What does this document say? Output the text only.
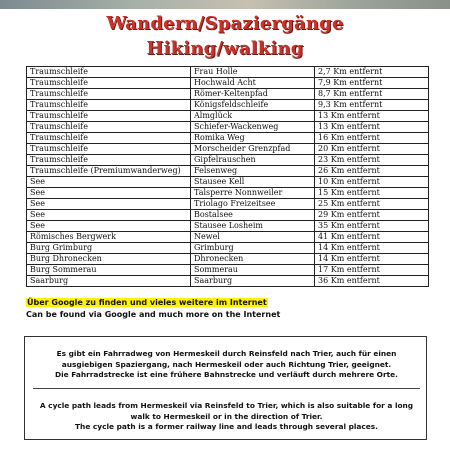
Wandern/Spaziergänge
Hiking/walking
Traumschleife	Frau Holle	2,7 Km entfernt
Traumschleife	Hochwald Acht	7,9 Km entfernt
Traumschleife	Römer-Keltenpfad	8,7 Km entfernt
Traumschleife	Königsfeldschleife	9,3 Km entfernt
Traumschleife	Almglück	13 Km entfernt
Traumschleife	Schiefer-Wackenweg	13 Km entfernt
Traumschleife	Romika Weg	16 Km entfernt
Traumschleife	Morscheider Grenzpfad	20 Km entfernt
Traumschleife	Gipfelrauschen	23 Km entfernt
Traumschleife (Premiumwanderweg)	Felsenweg	26 Km entfernt
See	Stausee Kell	10 Km entfernt
See	Talsperre Nonnweiler	15 Km entfernt
See	Triolago Freizeitsee	25 Km entfernt
See	Bostalsee	29 Km entfernt
See	Stausee Losheim	35 Km entfernt
Römisches Bergwerk	Newel	41 Km entfernt
Burg Grimburg	Grimburg	14 Km entfernt
Burg Dhronecken	Dhronecken	14 Km entfernt
Burg Sommerau	Sommerau	17 Km entfernt
Saarburg	Saarburg	36 Km entfernt
Über Google zu finden und vieles weitere im Internet
Can be found via Google and much more on the Internet
Es gibt ein Fahrradweg von Hermeskeil durch Reinsfeld nach Trier, auch für einen
ausgiebigen Spaziergang, nach Hermeskeil oder auch Richtung Trier, geeignet.
Die Fahrradstrecke ist eine frühere Bahnstrecke und verläuft durch mehrere Orte.
A cycle path leads from Hermeskeil via Reinsfeld to Trier, which is also suitable for a long
walk to Hermeskeil or in the direction of Trier.
The cycle path is a former railway line and leads through several places.
